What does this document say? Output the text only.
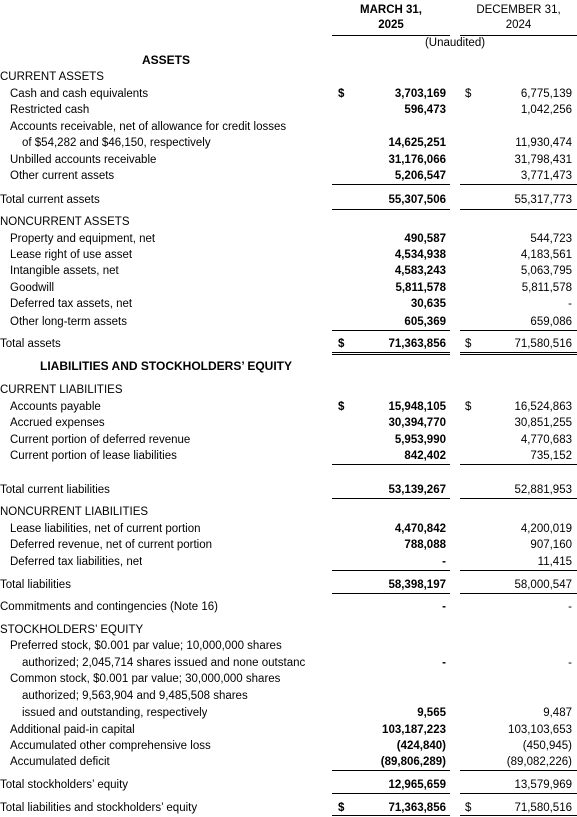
MARCH 31,
2025
DECEMBER 31,
2024
(Unaudited)
ASSETS
LIABILITIES AND STOCKHOLDERS’ EQUITY
CURRENT ASSETS
Cash and cash equivalents	$	3,703,169 $	6,775,139
Restricted cash	596,473	1,042,256
Accounts receivable, net of allowance for credit losses
of $54,282 and $46,150, respectively	14,625,251	11,930,474
Unbilled accounts receivable	31,176,066	31,798,431
Other current assets	5,206,547	3,771,473
Total current assets	55,307,506	55,317,773
NONCURRENT ASSETS
Property and equipment, net	490,587	544,723
Lease right of use asset	4,534,938	4,183,561
Intangible assets, net	4,583,243	5,063,795
Goodwill	5,811,578	5,811,578
Deferred tax assets, net	30,635	-
Other long-term assets	605,369	659,086
Total assets	$	71,363,856 $	71,580,516
CURRENT LIABILITIES
Accounts payable	$	15,948,105 $	16,524,863
Accrued expenses	30,394,770	30,851,255
Current portion of deferred revenue	5,953,990	4,770,683
Current portion of lease liabilities	842,402	735,152
Total current liabilities	53,139,267	52,881,953
NONCURRENT LIABILITIES
Lease liabilities, net of current portion	4,470,842	4,200,019
Deferred revenue, net of current portion	788,088	907,160
Deferred tax liabilities, net	-	11,415
Total liabilities	58,398,197	58,000,547
Commitments and contingencies (Note 16)	-	-
STOCKHOLDERS’ EQUITY
Preferred stock, $0.001 par value; 10,000,000 shares
authorized; 2,045,714 shares issued and none outstanc	-	-
Common stock, $0.001 par value; 30,000,000 shares
authorized; 9,563,904 and 9,485,508 shares
issued and outstanding, respectively	9,565	9,487
Additional paid-in capital	103,187,223	103,103,653
Accumulated other comprehensive loss	(424,840)	(450,945)
Accumulated deficit	(89,806,289)	(89,082,226)
Total stockholders’ equity	12,965,659	13,579,969
Total liabilities and stockholders’ equity	$	71,363,856 $	71,580,516
